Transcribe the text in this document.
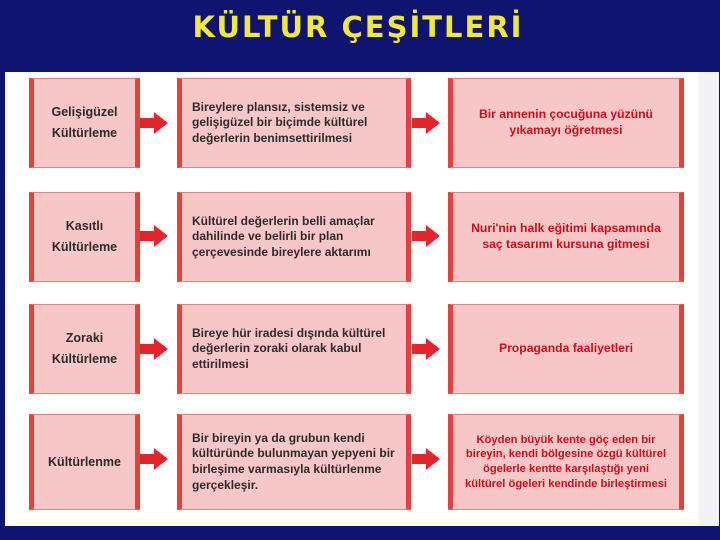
KÜLTÜR ÇEŞİTLERİ
Gelişigüzel Kültürleme
Bireylere plansız, sistemsiz ve gelişigüzel bir biçimde kültürel değerlerin benimsettirilmesi
Bir annenin çocuğuna yüzünü yıkamayı öğretmesi
Kasıtlı Kültürleme
Kültürel değerlerin belli amaçlar dahilinde ve belirli bir plan çerçevesinde bireylere aktarımı
Nuri'nin halk eğitimi kapsamında saç tasarımı kursuna gitmesi
Zoraki Kültürleme
Bireye hür iradesi dışında kültürel değerlerin zoraki olarak kabul ettirilmesi
Propaganda faaliyetleri
Kültürlenme
Bir bireyin ya da grubun kendi kültüründe bulunmayan yepyeni bir birleşime varmasıyla kültürlenme gerçekleşir.
Köyden büyük kente göç eden bir bireyin, kendi bölgesine özgü kültürel ögelerle kentte karşılaştığı yeni kültürel ögeleri kendinde birleştirmesi
